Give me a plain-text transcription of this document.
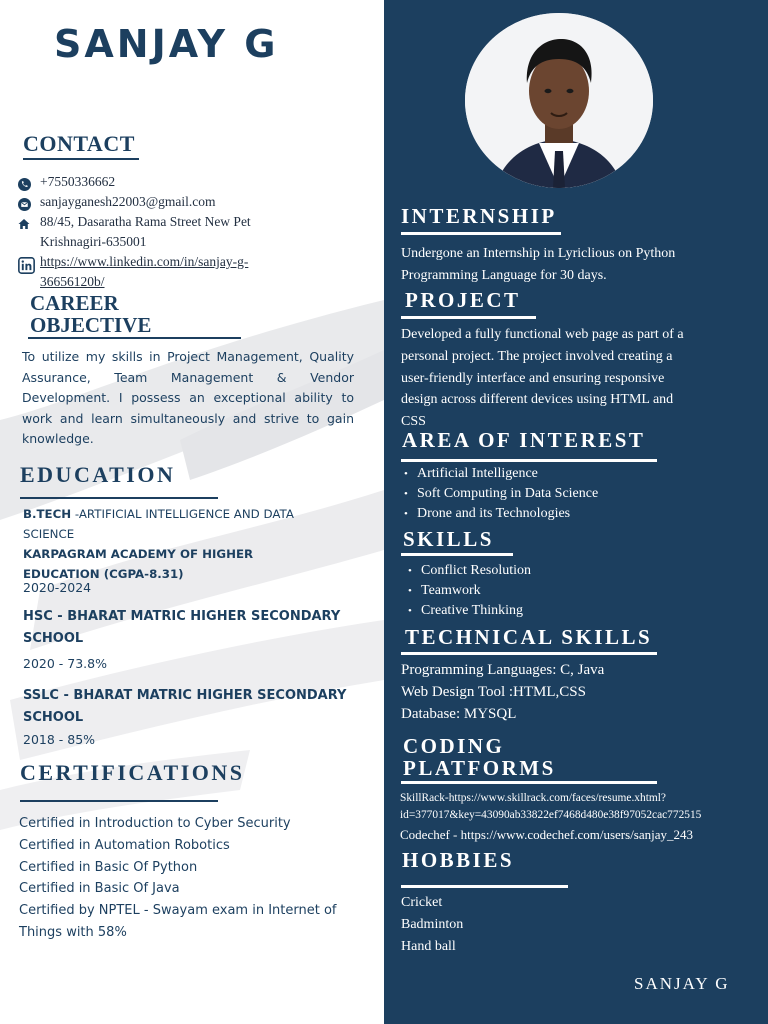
SANJAY G
CONTACT
+7550336662
sanjayganesh22003@gmail.com
88/45, Dasaratha Rama Street New Pet
Krishnagiri-635001
https://www.linkedin.com/in/sanjay-g-
36656120b/
CAREER
OBJECTIVE
To utilize my skills in Project Management, Quality Assurance, Team Management & Vendor Development. I possess an exceptional ability to work and learn simultaneously and strive to gain knowledge.
EDUCATION
B.TECH -ARTIFICIAL INTELLIGENCE AND DATA
SCIENCE
KARPAGRAM ACADEMY OF HIGHER
EDUCATION (CGPA-8.31)
2020-2024
HSC - BHARAT MATRIC HIGHER SECONDARY
SCHOOL
2020 - 73.8%
SSLC - BHARAT MATRIC HIGHER SECONDARY
SCHOOL
2018 - 85%
CERTIFICATIONS
Certified in Introduction to Cyber Security
Certified in Automation Robotics
Certified in Basic Of Python
Certified in Basic Of Java
Certified by NPTEL - Swayam exam in Internet of
Things with 58%
INTERNSHIP
Undergone an Internship in Lyriclious on Python
Programming Language for 30 days.
PROJECT
Developed a fully functional web page as part of a
personal project. The project involved creating a
user-friendly interface and ensuring responsive
design across different devices using HTML and
CSS
AREA OF INTEREST
• Artificial Intelligence
• Soft Computing in Data Science
• Drone and its Technologies
SKILLS
• Conflict Resolution
• Teamwork
• Creative Thinking
TECHNICAL SKILLS
Programming Languages: C, Java
Web Design Tool :HTML,CSS
Database: MYSQL
CODING
PLATFORMS
SkillRack-https://www.skillrack.com/faces/resume.xhtml?
id=377017&key=43090ab33822ef7468d480e38f97052cac772515
Codechef - https://www.codechef.com/users/sanjay_243
HOBBIES
Cricket
Badminton
Hand ball
SANJAY G
